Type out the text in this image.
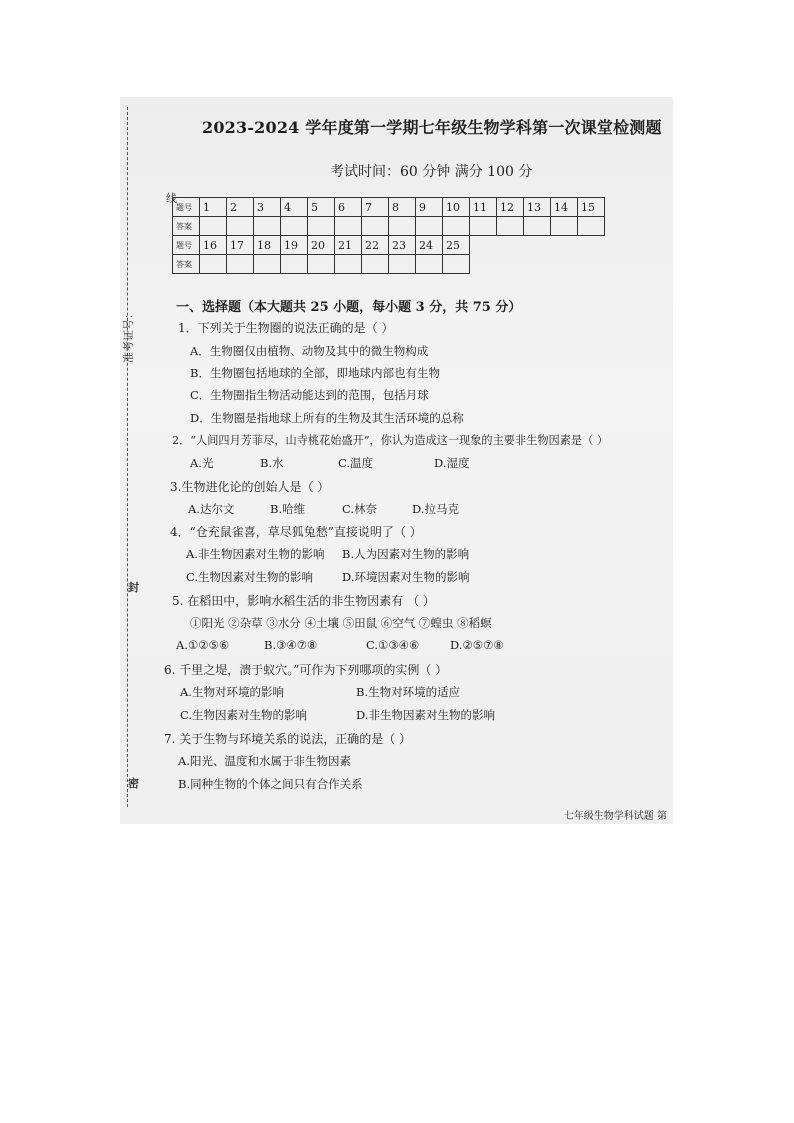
线
准考证号：
封
密
2023-2024 学年度第一学期七年级生物学科第一次课堂检测题
考试时间：60 分钟 满分 100 分
题号	1	2	3	4	5	6	7	8	9	10	11	12	13	14	15
答案															
题号	16	17	18	19	20	21	22	23	24	25					
答案															
一、选择题（本大题共 25 小题，每小题 3 分，共 75 分）
1．下列关于生物圈的说法正确的是（ ）
A．生物圈仅由植物、动物及其中的微生物构成
B．生物圈包括地球的全部，即地球内部也有生物
C．生物圈指生物活动能达到的范围，包括月球
D．生物圈是指地球上所有的生物及其生活环境的总称
2．“人间四月芳菲尽，山寺桃花始盛开”，你认为造成这一现象的主要非生物因素是（ ）
A.光	B.水	C.温度	D.湿度
3.生物进化论的创始人是（ ）
A.达尔文	B.哈维	C.林奈	D.拉马克
4．“仓充鼠雀喜，草尽狐兔愁”直接说明了（ ）
A.非生物因素对生物的影响 B.人为因素对生物的影响
C.生物因素对生物的影响	D.环境因素对生物的影响
5. 在稻田中，影响水稻生活的非生物因素有 （ ）
①阳光 ②杂草 ③水分 ④土壤 ⑤田鼠 ⑥空气 ⑦蝗虫 ⑧稻螟
A.①②⑤⑥	B.③④⑦⑧	C.①③④⑥	D.②⑤⑦⑧
6. 千里之堤，溃于蚁穴。”可作为下列哪项的实例（ ）
A.生物对环境的影响	B.生物对环境的适应
C.生物因素对生物的影响	D.非生物因素对生物的影响
7. 关于生物与环境关系的说法，正确的是（ ）
A.阳光、温度和水属于非生物因素
B.同种生物的个体之间只有合作关系
七年级生物学科试题 第
